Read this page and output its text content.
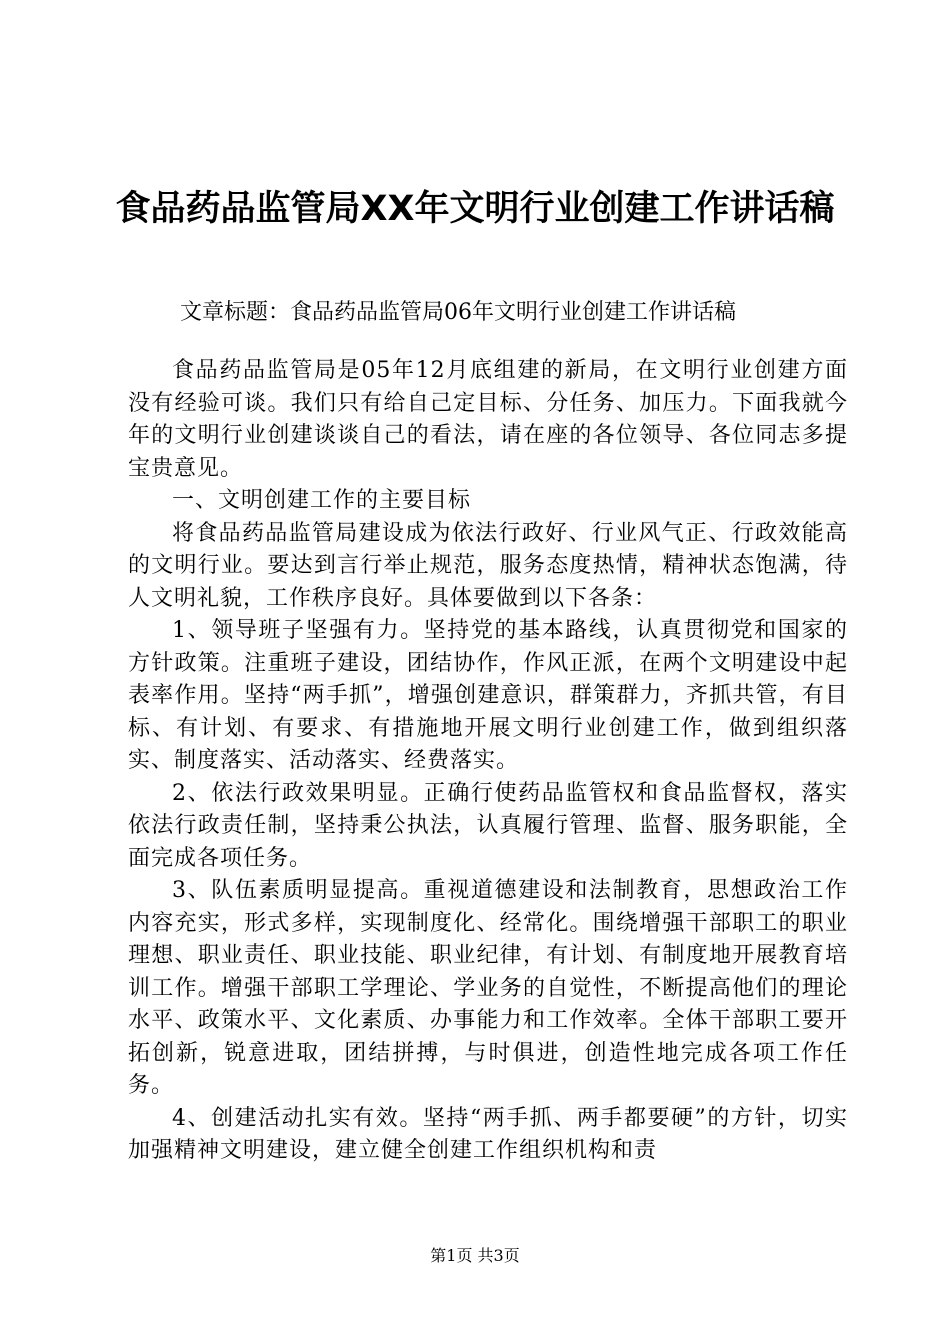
食品药品监管局XX年文明行业创建工作讲话稿
文章标题：食品药品监管局06年文明行业创建工作讲话稿

食品药品监管局是05年12月底组建的新局，在文明行业创建方面没有经验可谈。我们只有给自己定目标、分任务、加压力。下面我就今年的文明行业创建谈谈自己的看法，请在座的各位领导、各位同志多提宝贵意见。

一、文明创建工作的主要目标

将食品药品监管局建设成为依法行政好、行业风气正、行政效能高的文明行业。要达到言行举止规范，服务态度热情，精神状态饱满，待人文明礼貌，工作秩序良好。具体要做到以下各条：

1、领导班子坚强有力。坚持党的基本路线，认真贯彻党和国家的方针政策。注重班子建设，团结协作，作风正派，在两个文明建设中起表率作用。坚持“两手抓”，增强创建意识，群策群力，齐抓共管，有目标、有计划、有要求、有措施地开展文明行业创建工作，做到组织落实、制度落实、活动落实、经费落实。

2、依法行政效果明显。正确行使药品监管权和食品监督权，落实依法行政责任制，坚持秉公执法，认真履行管理、监督、服务职能，全面完成各项任务。

3、队伍素质明显提高。重视道德建设和法制教育，思想政治工作内容充实，形式多样，实现制度化、经常化。围绕增强干部职工的职业理想、职业责任、职业技能、职业纪律，有计划、有制度地开展教育培训工作。增强干部职工学理论、学业务的自觉性，不断提高他们的理论水平、政策水平、文化素质、办事能力和工作效率。全体干部职工要开拓创新，锐意进取，团结拼搏，与时俱进，创造性地完成各项工作任务。

4、创建活动扎实有效。坚持“两手抓、两手都要硬”的方针，切实加强精神文明建设，建立健全创建工作组织机构和责

第1页 共3页
